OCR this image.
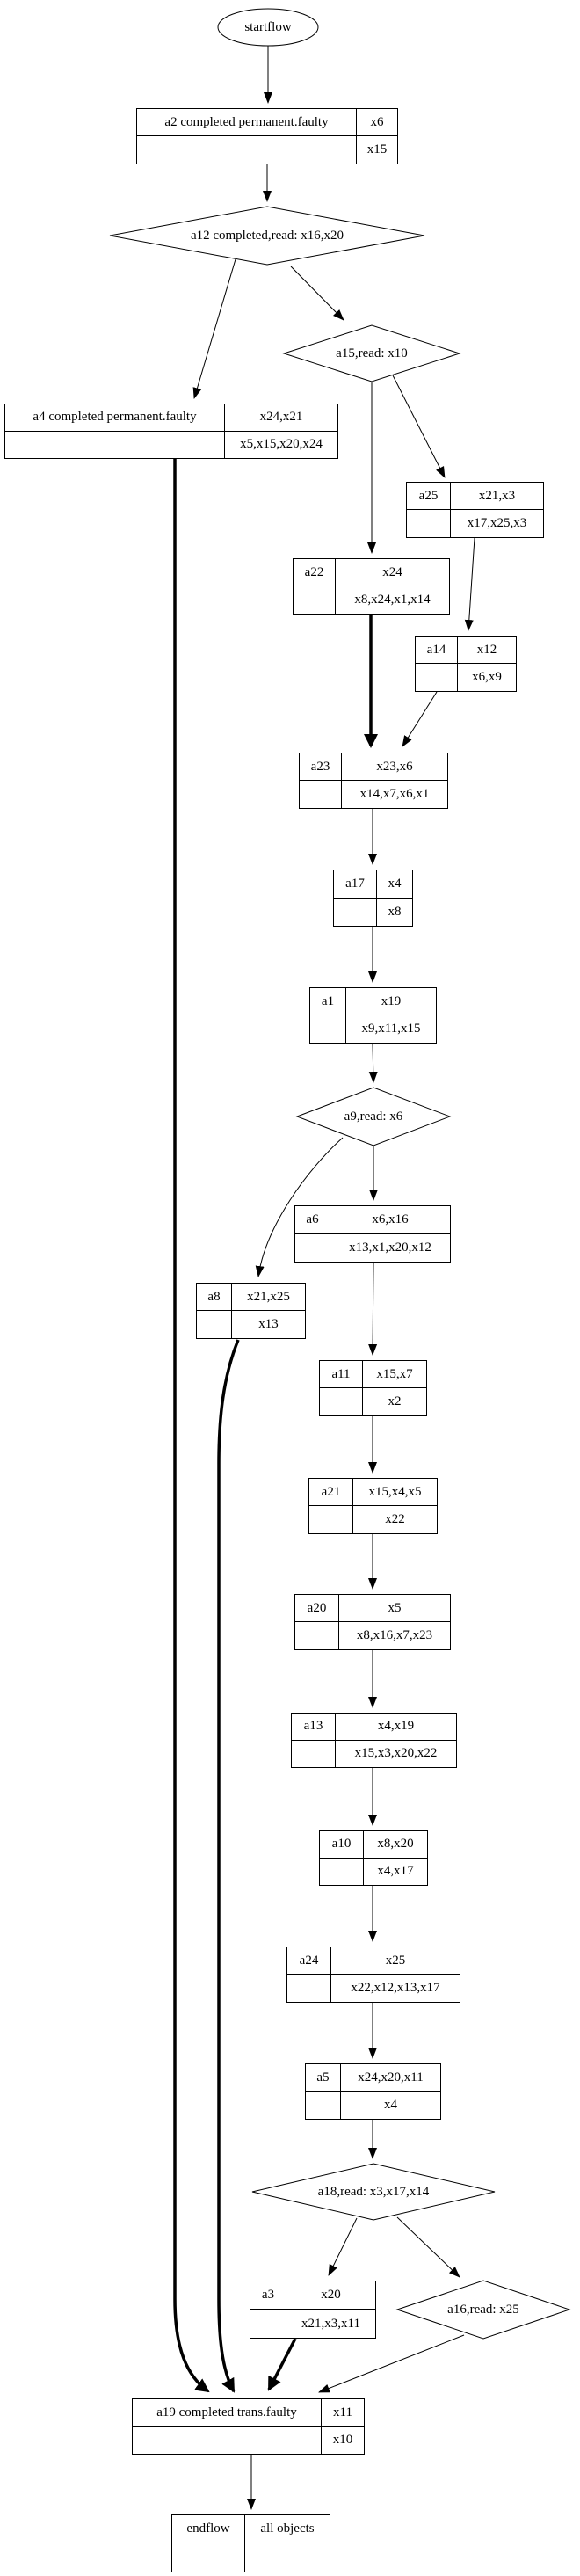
startflow
a12 completed,read: x16,x20
a15,read: x10
a9,read: x6
a18,read: x3,x17,x14
a16,read: x25
a2 completed permanent.faulty	x6
x15
a4 completed permanent.faulty	x24,x21
x5,x15,x20,x24
a25	x21,x3
x17,x25,x3
a22	x24
x8,x24,x1,x14
a14	x12
x6,x9
a23	x23,x6
x14,x7,x6,x1
a17	x4
x8
a1	x19
x9,x11,x15
a6	x6,x16
x13,x1,x20,x12
a8	x21,x25
x13
a11	x15,x7
x2
a21	x15,x4,x5
x22
a20	x5
x8,x16,x7,x23
a13	x4,x19
x15,x3,x20,x22
a10	x8,x20
x4,x17
a24	x25
x22,x12,x13,x17
a5	x24,x20,x11
x4
a3	x20
x21,x3,x11
a19 completed trans.faulty	x11
x10
endflow	all objects
